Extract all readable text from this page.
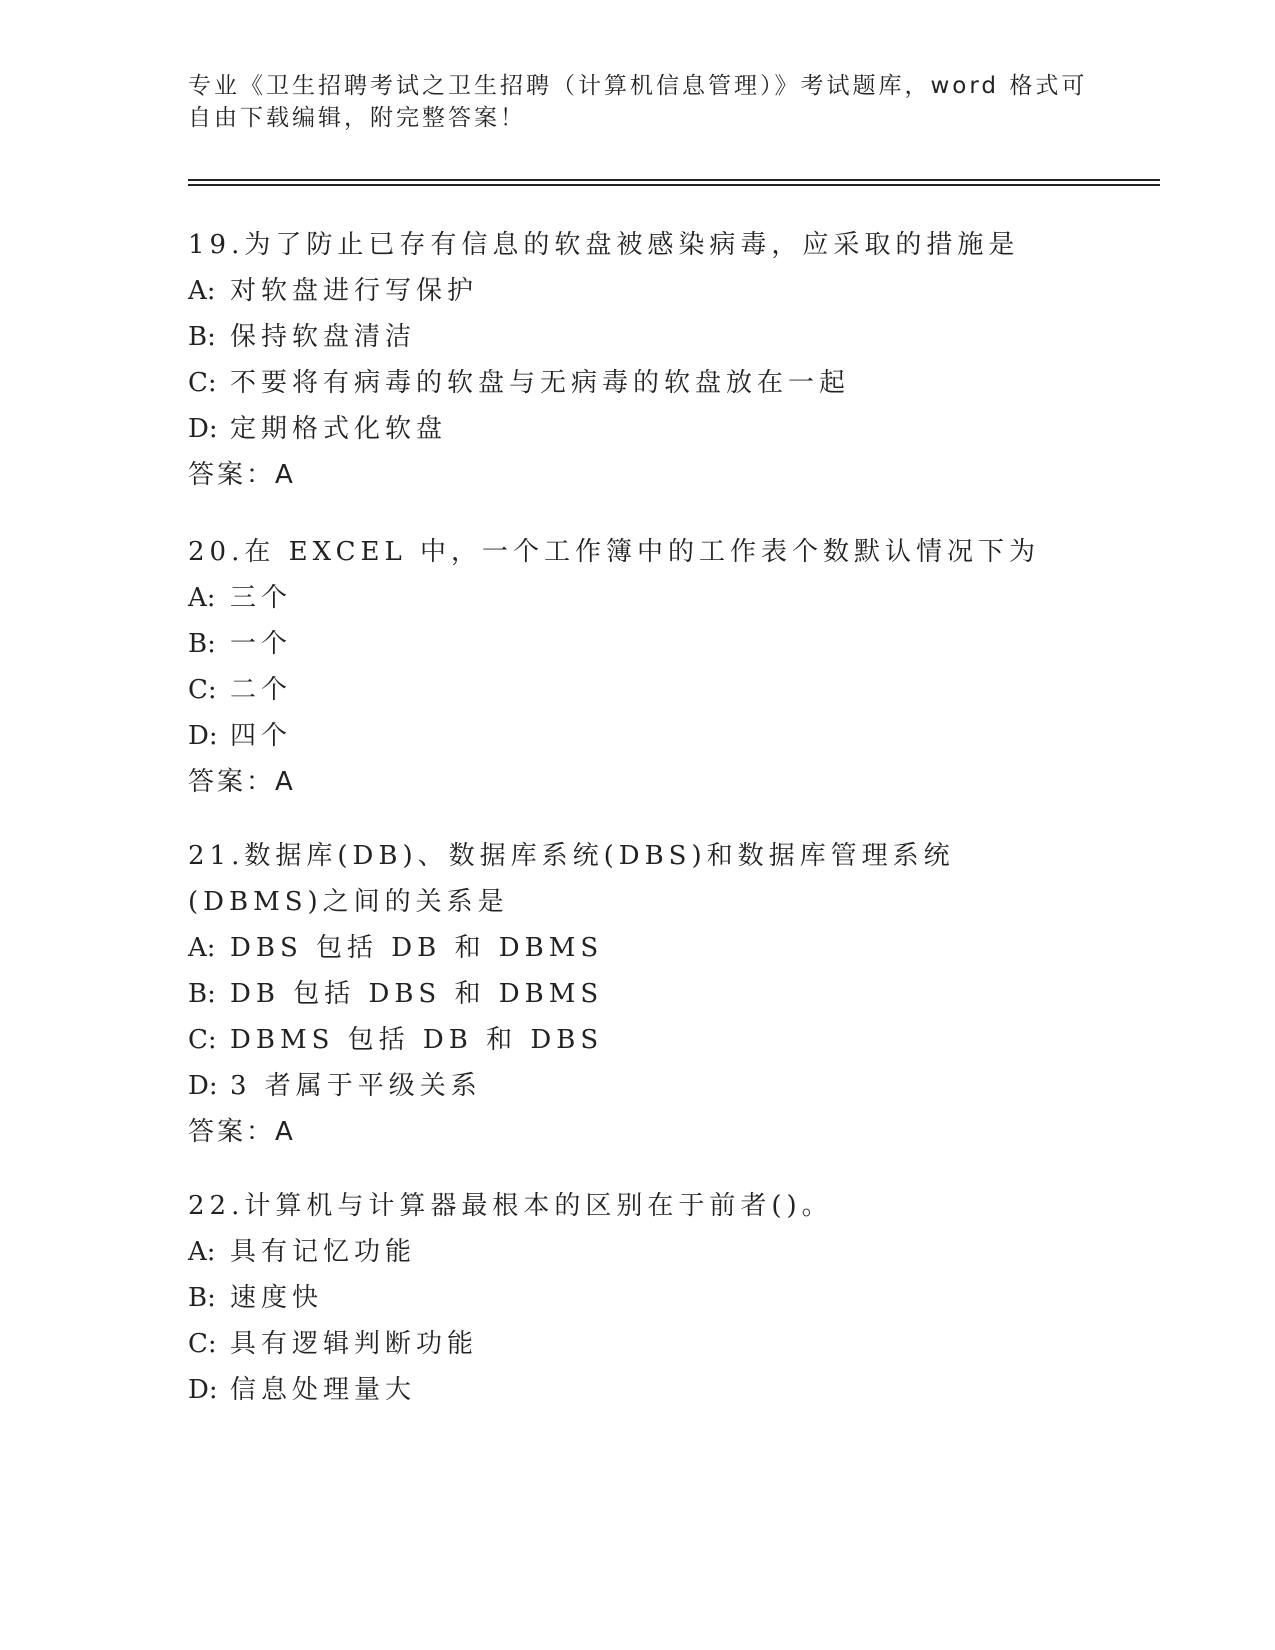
专业《卫生招聘考试之卫生招聘（计算机信息管理）》考试题库，word 格式可自由下载编辑，附完整答案！
19.为了防止已存有信息的软盘被感染病毒，应采取的措施是
A: 对软盘进行写保护
B: 保持软盘清洁
C: 不要将有病毒的软盘与无病毒的软盘放在一起
D: 定期格式化软盘
答案：A
20.在 EXCEL 中，一个工作簿中的工作表个数默认情况下为
A: 三个
B: 一个
C: 二个
D: 四个
答案：A
21.数据库(DB)、数据库系统(DBS)和数据库管理系统(DBMS)之间的关系是
A: DBS 包括 DB 和 DBMS
B: DB 包括 DBS 和 DBMS
C: DBMS 包括 DB 和 DBS
D: 3 者属于平级关系
答案：A
22.计算机与计算器最根本的区别在于前者()。
A: 具有记忆功能
B: 速度快
C: 具有逻辑判断功能
D: 信息处理量大
